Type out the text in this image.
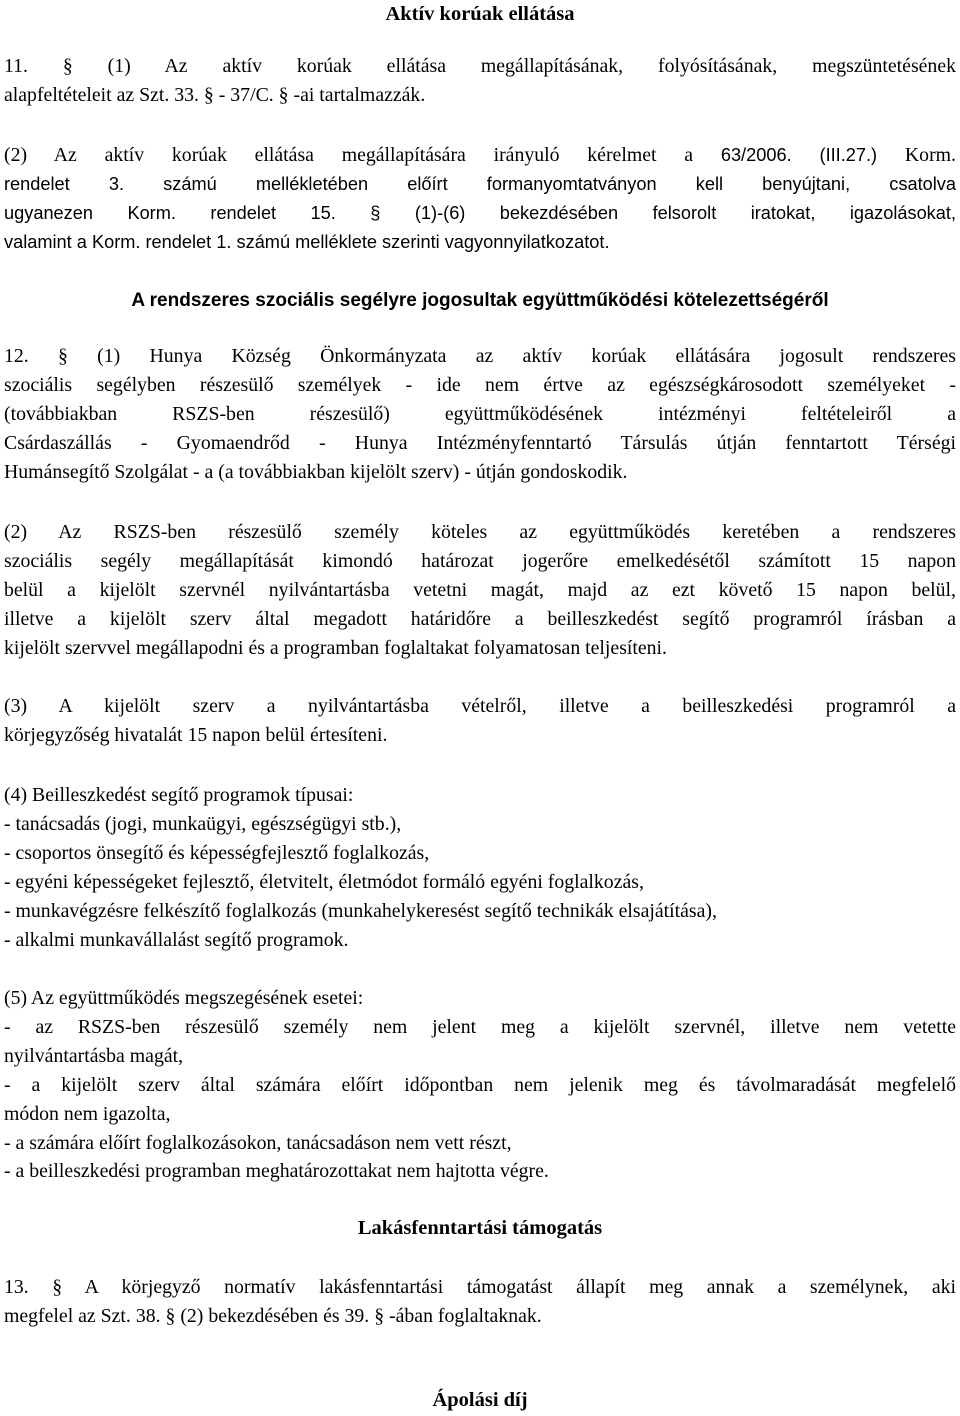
Aktív korúak ellátása
11. § (1) Az aktív korúak ellátása megállapításának, folyósításának, megszüntetésének
alapfeltételeit az Szt. 33. § - 37/C. § -ai tartalmazzák.
(2) Az aktív korúak ellátása megállapítására irányuló kérelmet a 63/2006. (III.27.) Korm.
rendelet 3. számú mellékletében előírt formanyomtatványon kell benyújtani, csatolva
ugyanezen Korm. rendelet 15. § (1)-(6) bekezdésében felsorolt iratokat, igazolásokat,
valamint a Korm. rendelet 1. számú melléklete szerinti vagyonnyilatkozatot.
A rendszeres szociális segélyre jogosultak együttműködési kötelezettségéről
12. § (1) Hunya Község Önkormányzata az aktív korúak ellátására jogosult rendszeres
szociális segélyben részesülő személyek - ide nem értve az egészségkárosodott személyeket -
(továbbiakban RSZS-ben részesülő) együttműködésének intézményi feltételeiről a
Csárdaszállás - Gyomaendrőd - Hunya Intézményfenntartó Társulás útján fenntartott Térségi
Humánsegítő Szolgálat - a (a továbbiakban kijelölt szerv) - útján gondoskodik.
(2) Az RSZS-ben részesülő személy köteles az együttműködés keretében a rendszeres
szociális segély megállapítását kimondó határozat jogerőre emelkedésétől számított 15 napon
belül a kijelölt szervnél nyilvántartásba vetetni magát, majd az ezt követő 15 napon belül,
illetve a kijelölt szerv által megadott határidőre a beilleszkedést segítő programról írásban a
kijelölt szervvel megállapodni és a programban foglaltakat folyamatosan teljesíteni.
(3) A kijelölt szerv a nyilvántartásba vételről, illetve a beilleszkedési programról a
körjegyzőség hivatalát 15 napon belül értesíteni.
(4) Beilleszkedést segítő programok típusai:
- tanácsadás (jogi, munkaügyi, egészségügyi stb.),
- csoportos önsegítő és képességfejlesztő foglalkozás,
- egyéni képességeket fejlesztő, életvitelt, életmódot formáló egyéni foglalkozás,
- munkavégzésre felkészítő foglalkozás (munkahelykeresést segítő technikák elsajátítása),
- alkalmi munkavállalást segítő programok.
(5) Az együttműködés megszegésének esetei:
- az RSZS-ben részesülő személy nem jelent meg a kijelölt szervnél, illetve nem vetette
nyilvántartásba magát,
- a kijelölt szerv által számára előírt időpontban nem jelenik meg és távolmaradását megfelelő
módon nem igazolta,
- a számára előírt foglalkozásokon, tanácsadáson nem vett részt,
- a beilleszkedési programban meghatározottakat nem hajtotta végre.
Lakásfenntartási támogatás
13. § A körjegyző normatív lakásfenntartási támogatást állapít meg annak a személynek, aki
megfelel az Szt. 38. § (2) bekezdésében és 39. § -ában foglaltaknak.
Ápolási díj
